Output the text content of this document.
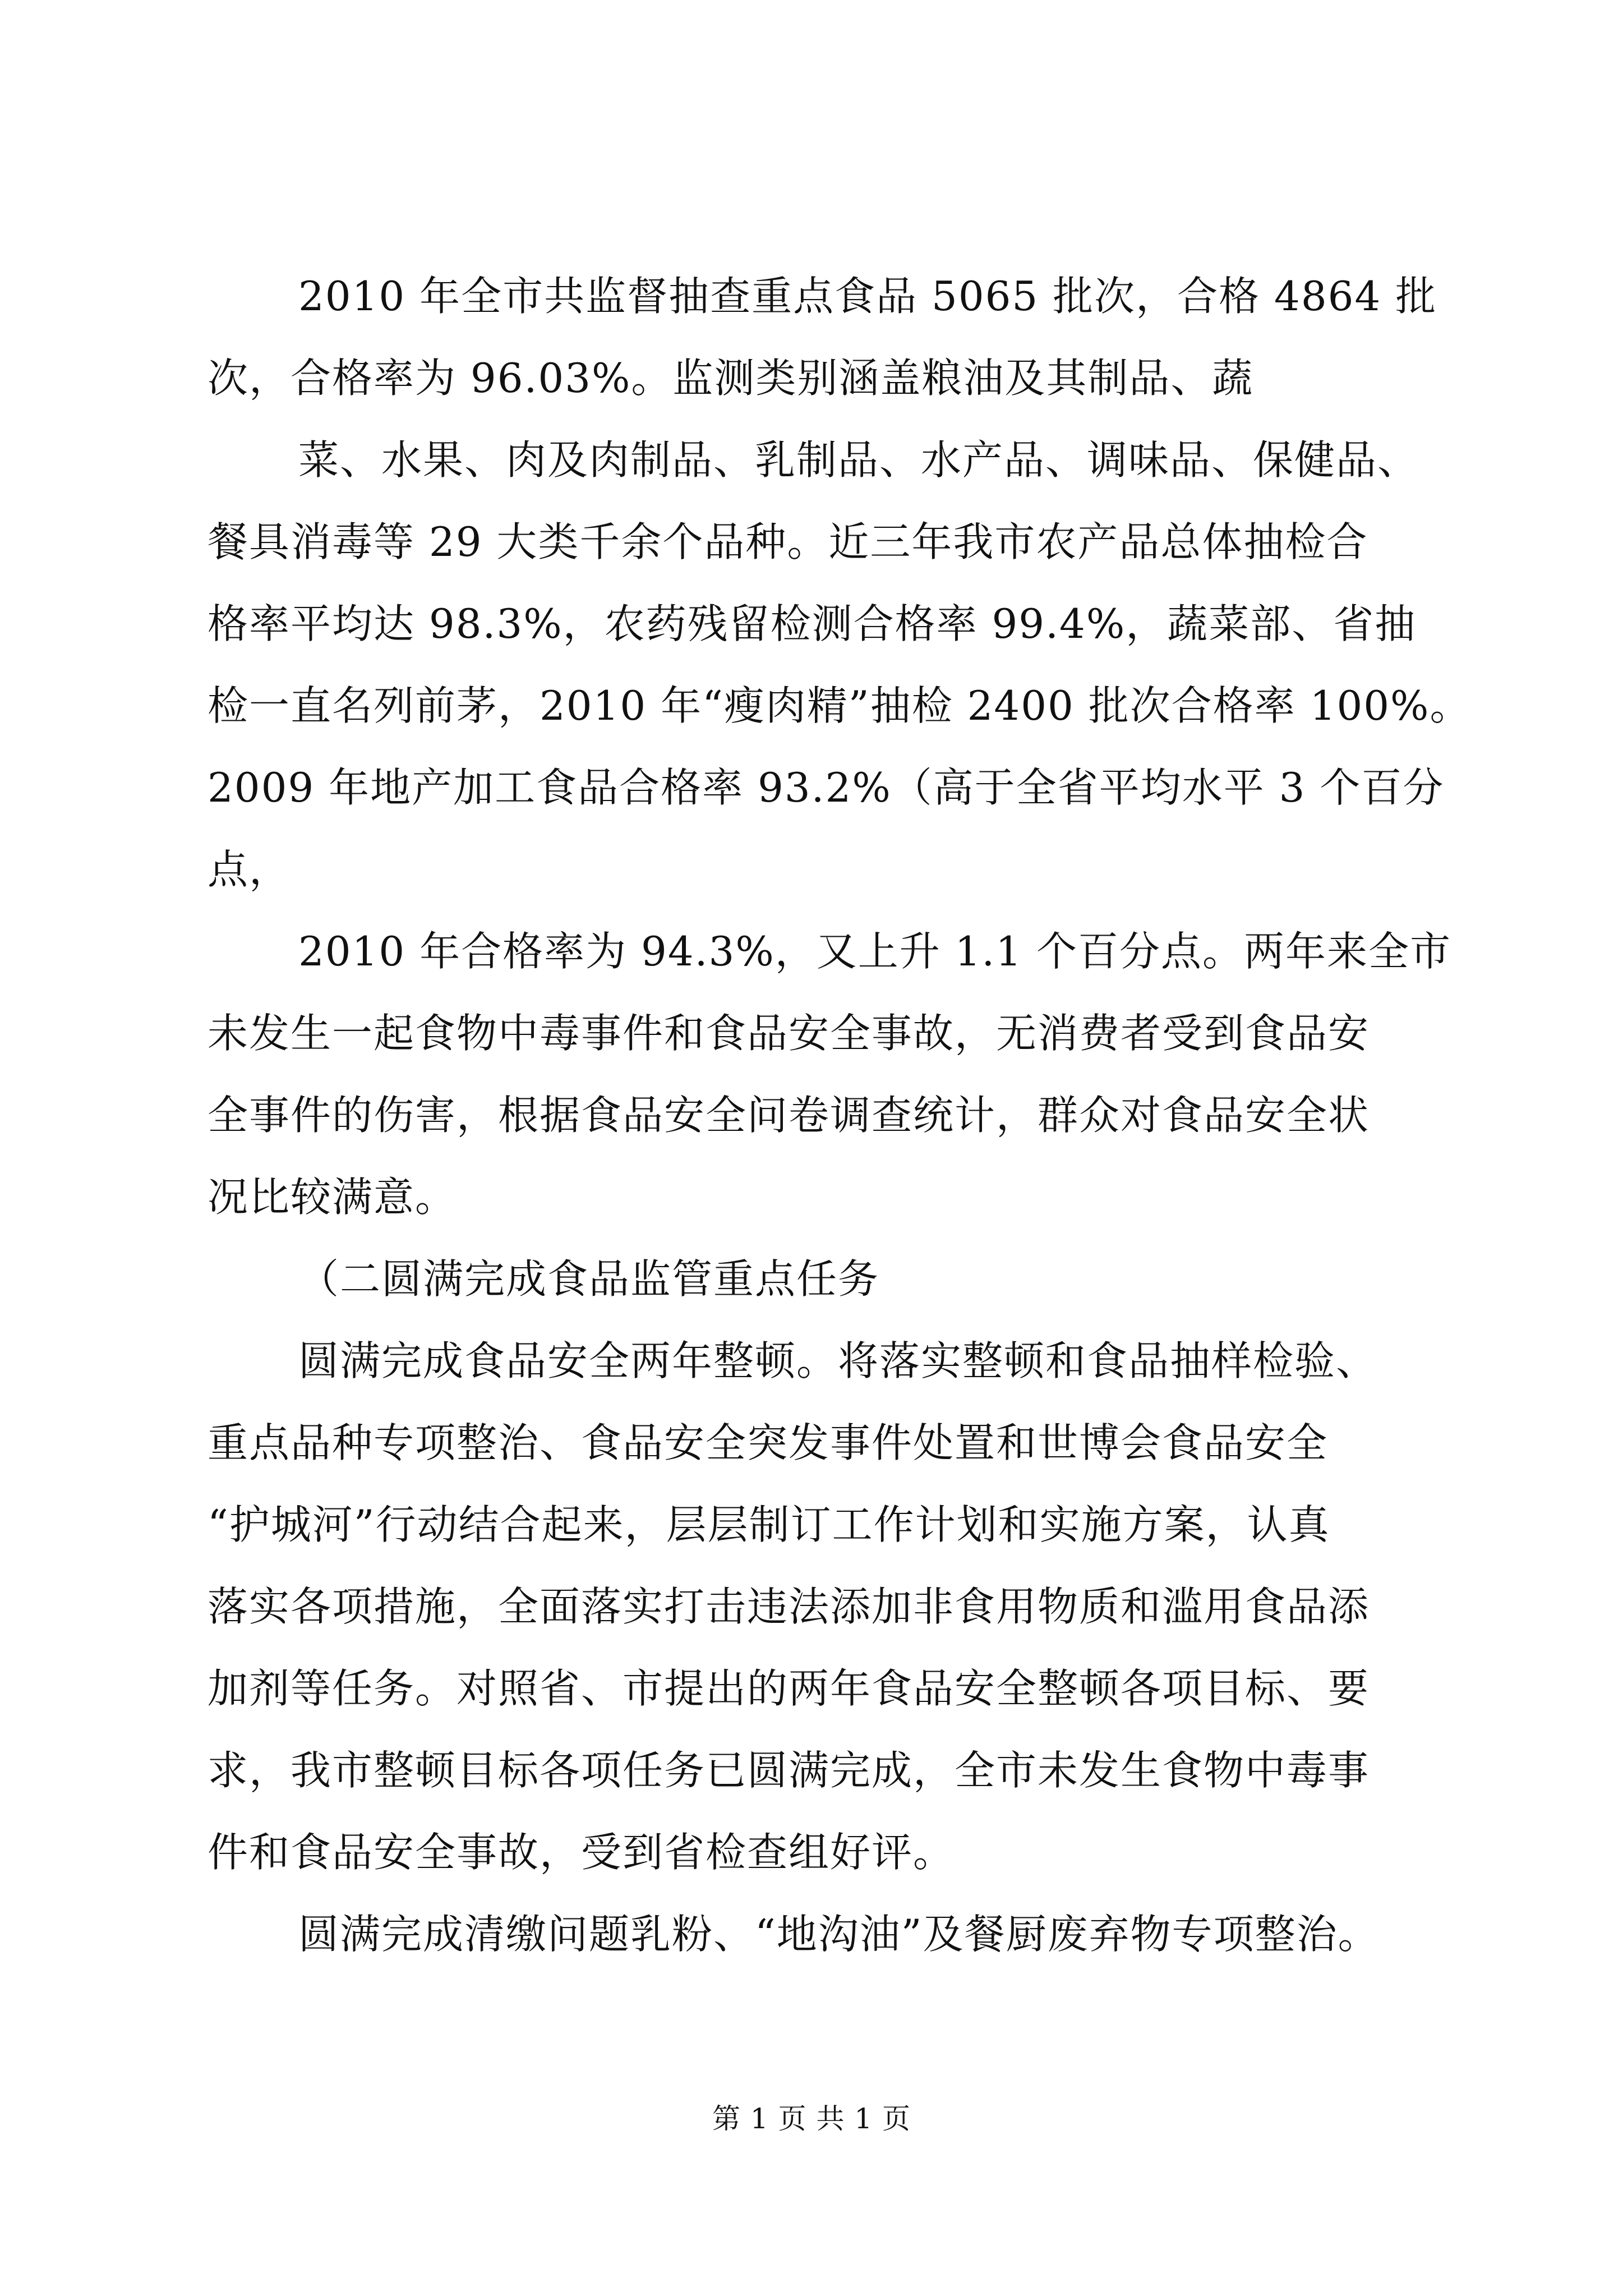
2010 年全市共监督抽查重点食品 5065 批次，合格 4864 批
次，合格率为 96.03%。监测类别涵盖粮油及其制品、蔬
菜、水果、肉及肉制品、乳制品、水产品、调味品、保健品、
餐具消毒等 29 大类千余个品种。近三年我市农产品总体抽检合
格率平均达 98.3%，农药残留检测合格率 99.4%，蔬菜部、省抽
检一直名列前茅，2010 年“瘦肉精”抽检 2400 批次合格率 100%。
2009 年地产加工食品合格率 93.2%（高于全省平均水平 3 个百分
点，
2010 年合格率为 94.3%，又上升 1.1 个百分点。两年来全市
未发生一起食物中毒事件和食品安全事故，无消费者受到食品安
全事件的伤害，根据食品安全问卷调查统计，群众对食品安全状
况比较满意。
（二圆满完成食品监管重点任务
圆满完成食品安全两年整顿。将落实整顿和食品抽样检验、
重点品种专项整治、食品安全突发事件处置和世博会食品安全
“护城河”行动结合起来，层层制订工作计划和实施方案，认真
落实各项措施，全面落实打击违法添加非食用物质和滥用食品添
加剂等任务。对照省、市提出的两年食品安全整顿各项目标、要
求，我市整顿目标各项任务已圆满完成，全市未发生食物中毒事
件和食品安全事故，受到省检查组好评。
圆满完成清缴问题乳粉、“地沟油”及餐厨废弃物专项整治。
第 1 页 共 1 页
